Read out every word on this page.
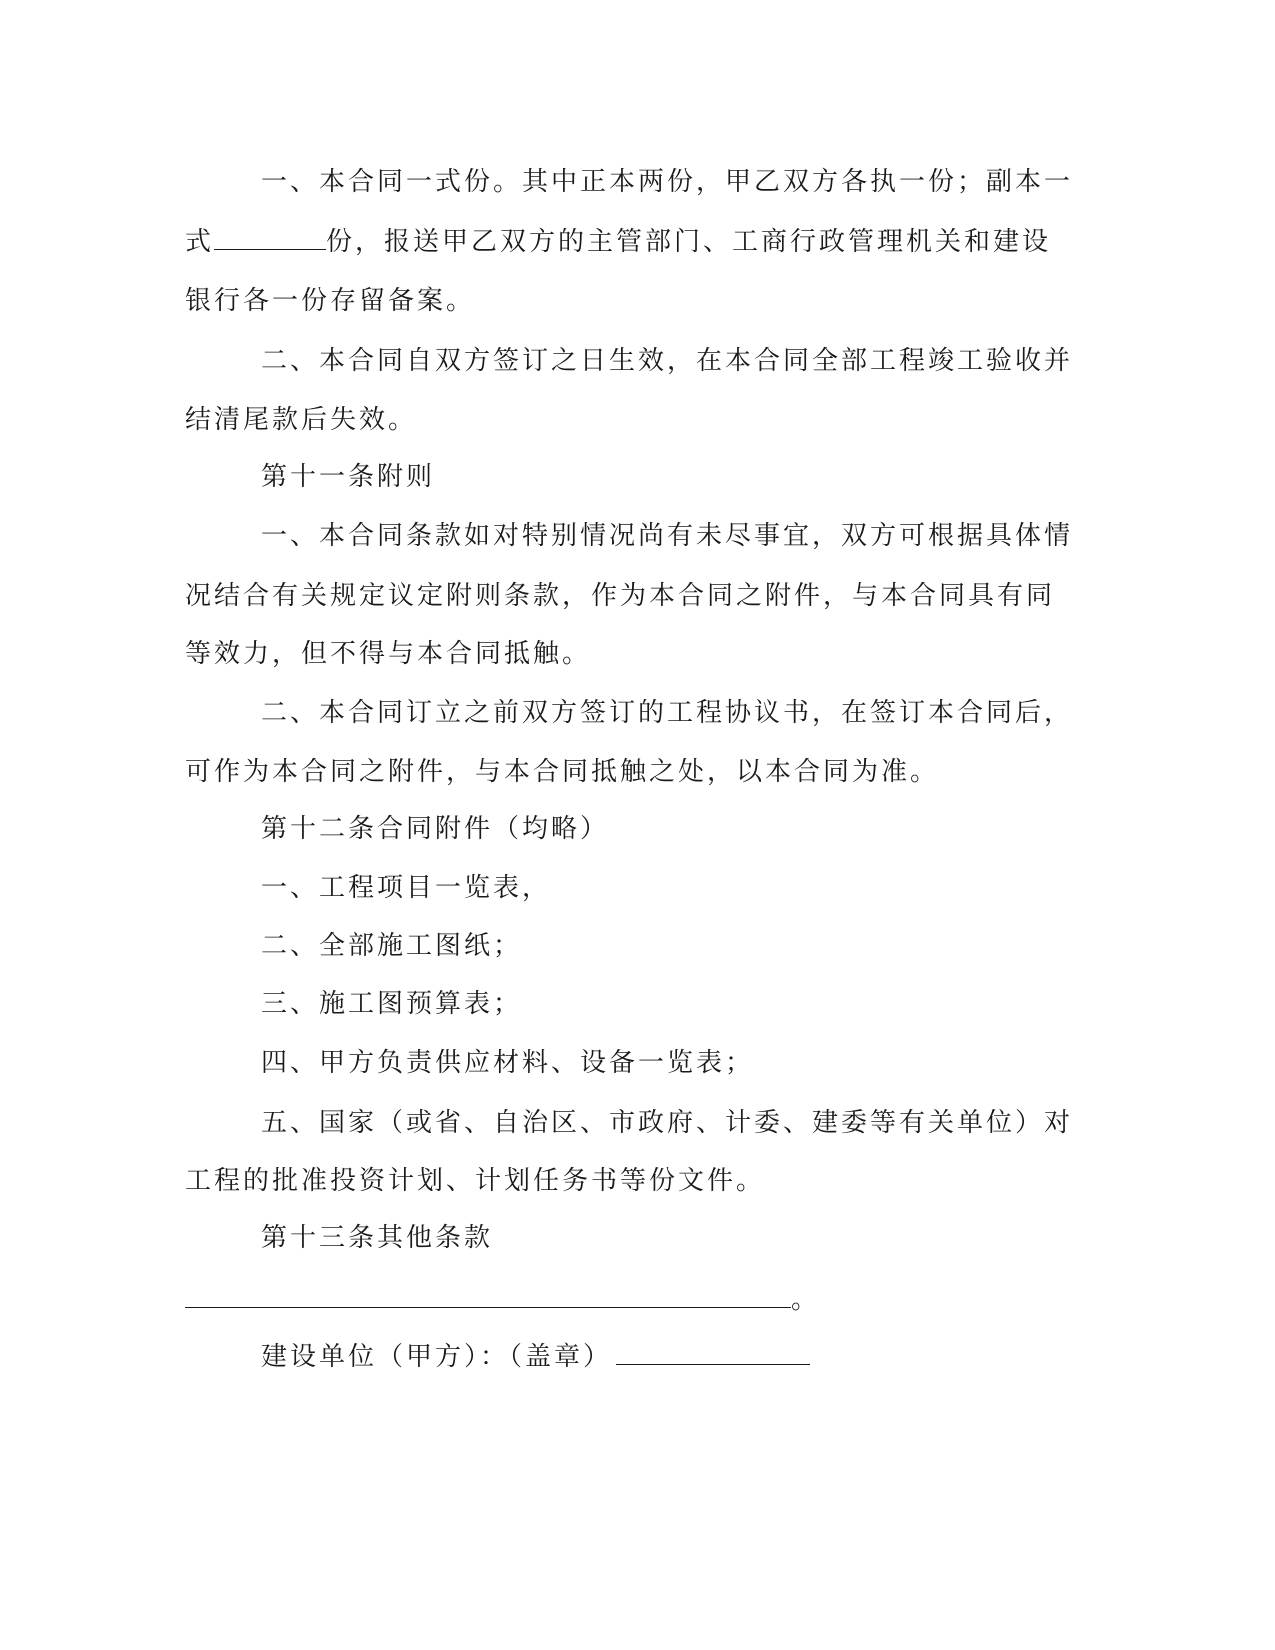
一、本合同一式份。其中正本两份，甲乙双方各执一份；副本一
式	份，报送甲乙双方的主管部门、工商行政管理机关和建设
银行各一份存留备案。
二、本合同自双方签订之日生效，在本合同全部工程竣工验收并
结清尾款后失效。
第十一条附则
一、本合同条款如对特别情况尚有未尽事宜，双方可根据具体情
况结合有关规定议定附则条款，作为本合同之附件，与本合同具有同
等效力，但不得与本合同抵触。
二、本合同订立之前双方签订的工程协议书，在签订本合同后，
可作为本合同之附件，与本合同抵触之处，以本合同为准。
第十二条合同附件（均略）
一、工程项目一览表，
二、全部施工图纸；
三、施工图预算表；
四、甲方负责供应材料、设备一览表；
五、国家（或省、自治区、市政府、计委、建委等有关单位）对
工程的批准投资计划、计划任务书等份文件。
第十三条其他条款
。
建设单位（甲方）：（盖章）
